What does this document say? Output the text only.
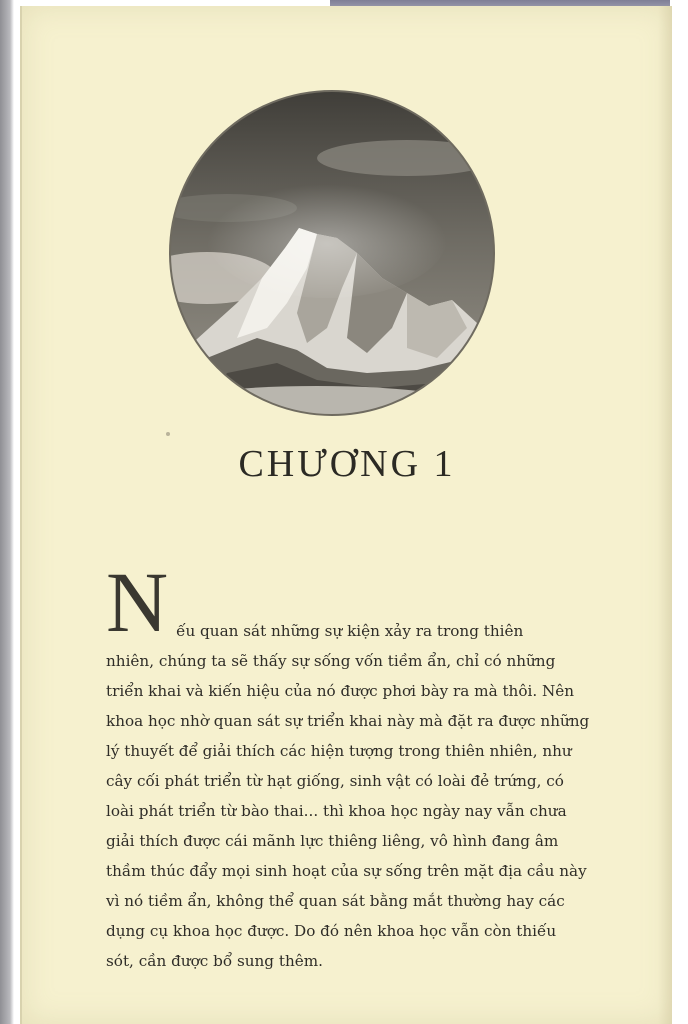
CHƯƠNG 1
N ếu quan sát những sự kiện xảy ra trong thiên
nhiên, chúng ta sẽ thấy sự sống vốn tiềm ẩn, chỉ có những
triển khai và kiến hiệu của nó được phơi bày ra mà thôi. Nên
khoa học nhờ quan sát sự triển khai này mà đặt ra được những
lý thuyết để giải thích các hiện tượng trong thiên nhiên, như
cây cối phát triển từ hạt giống, sinh vật có loài đẻ trứng, có
loài phát triển từ bào thai... thì khoa học ngày nay vẫn chưa
giải thích được cái mãnh lực thiêng liêng, vô hình đang âm
thầm thúc đẩy mọi sinh hoạt của sự sống trên mặt địa cầu này
vì nó tiềm ẩn, không thể quan sát bằng mắt thường hay các
dụng cụ khoa học được. Do đó nên khoa học vẫn còn thiếu
sót, cần được bổ sung thêm.
